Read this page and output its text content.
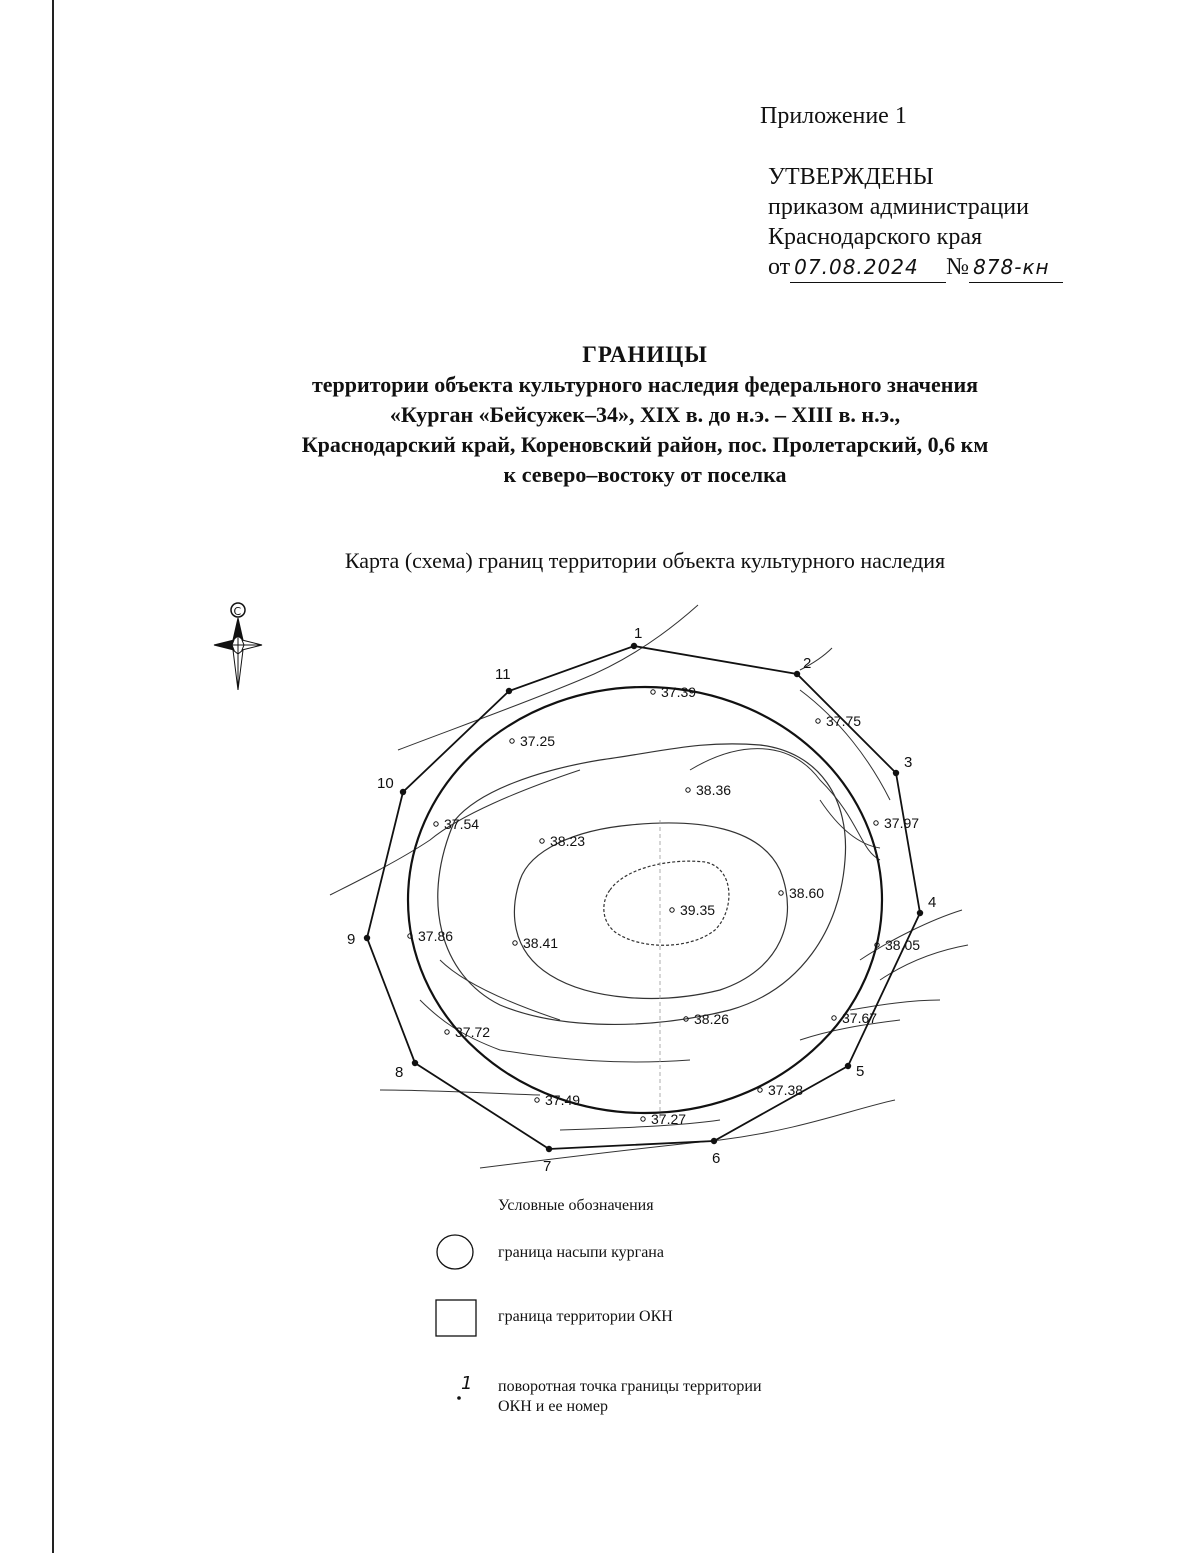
Приложение 1
УТВЕРЖДЕНЫ
приказом администрации
Краснодарского края
от 07.08.2024 № 878-кн
ГРАНИЦЫ
территории объекта культурного наследия федерального значения
«Курган «Бейсужек–34», XIX в. до н.э. – XIII в. н.э.,
Краснодарский край, Кореновский район, пос. Пролетарский, 0,6 км
к северо–востоку от поселка
Карта (схема) границ территории объекта культурного наследия
С
1
2
3
4
5
6
7
8
9
10
11
37.39
37.75
37.25
38.36
37.97
37.54
38.23
38.60
39.35
37.86	38.41	38.05
38.26	37.67
37.72
37.38
37.49
37.27
Условные обозначения
граница насыпи кургана
граница территории ОКН
1 поворотная точка границы территории
ОКН и ее номер
